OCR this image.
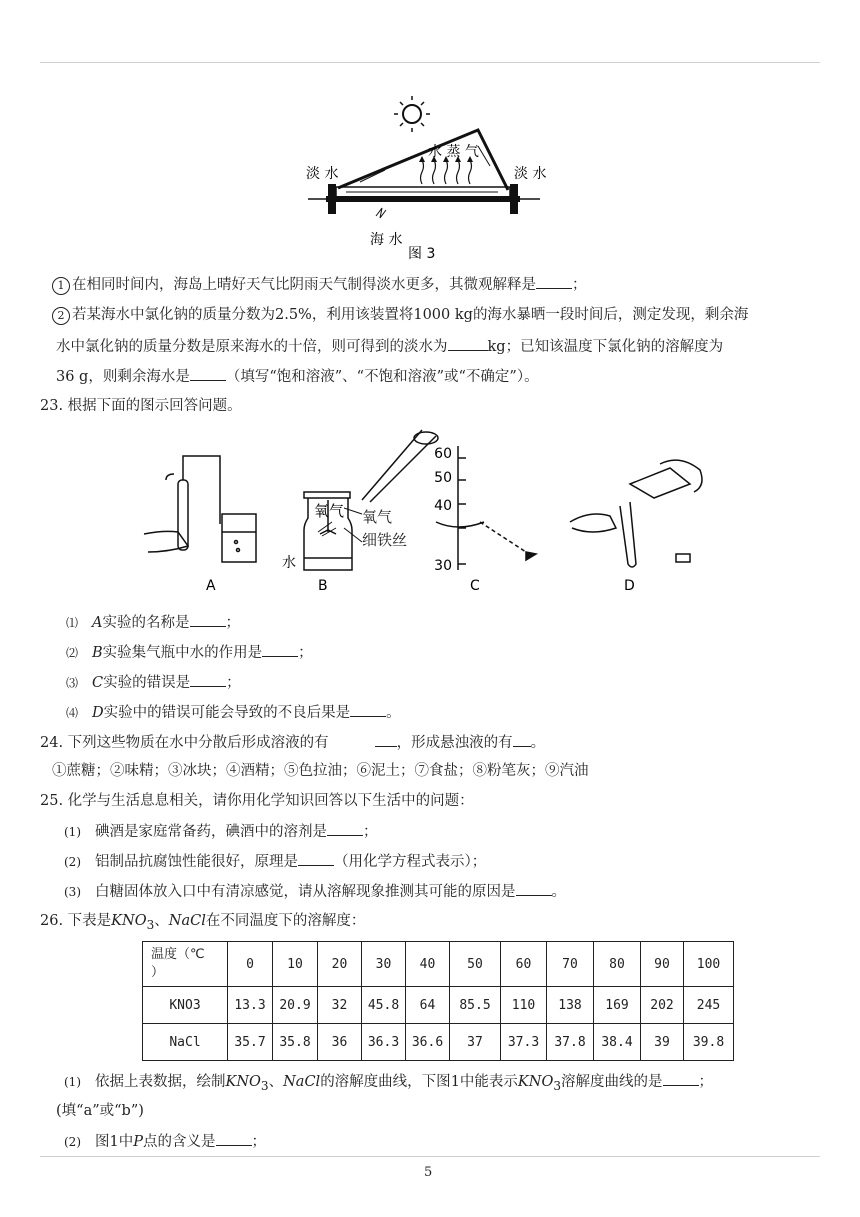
淡 水	淡 水
水 蒸 气
海 水
图 3
1 在相同时间内，海岛上晴好天气比阴雨天气制得淡水更多，其微观解释是 ；
2 若某海水中氯化钠的质量分数为2.5%，利用该装置将1000 kg的海水暴晒一段时间后，测定发现，剩余海
水中氯化钠的质量分数是原来海水的十倍，则可得到的淡水为	kg；已知该温度下氯化钠的溶解度为
36 g，则剩余海水是 （填写“饱和溶液”、“不饱和溶液”或“不确定”）。
23. 根据下面的图示回答问题。
氧气
水
60
50
40
30
A	B	C	D
氧气
细铁丝
⑴ A实验的名称是 ；
⑵ B实验集气瓶中水的作用是 ；
⑶ C实验的错误是 ；
⑷ D实验中的错误可能会导致的不良后果是 。
24. 下列这些物质在水中分散后形成溶液的有	，形成悬浊液的有 。
①蔗糖；②味精；③冰块；④酒精；⑤色拉油；⑥泥土；⑦食盐；⑧粉笔灰；⑨汽油
25. 化学与生活息息相关，请你用化学知识回答以下生活中的问题：
(1) 碘酒是家庭常备药，碘酒中的溶剂是 ；
(2) 铝制品抗腐蚀性能很好，原理是 （用化学方程式表示）；
(3) 白糖固体放入口中有清凉感觉，请从溶解现象推测其可能的原因是 。
26. 下表是$KNO_3$、NaCl在不同温度下的溶解度：
温度（℃
）	0	10	20	30	40	50	60	70	80	90	100
KNO3	13.3	20.9	32	45.8	64	85.5	110	138	169	202	245
NaCl	35.7	35.8	36	36.3	36.6	37	37.3	37.8	38.4	39	39.8
(1) 依据上表数据，绘制$KNO_3$、NaCl的溶解度曲线，下图1中能表示$KNO_3$溶解度曲线的是 ；
(填“a”或“b”)
(2) 图1中P点的含义是 ；
5
